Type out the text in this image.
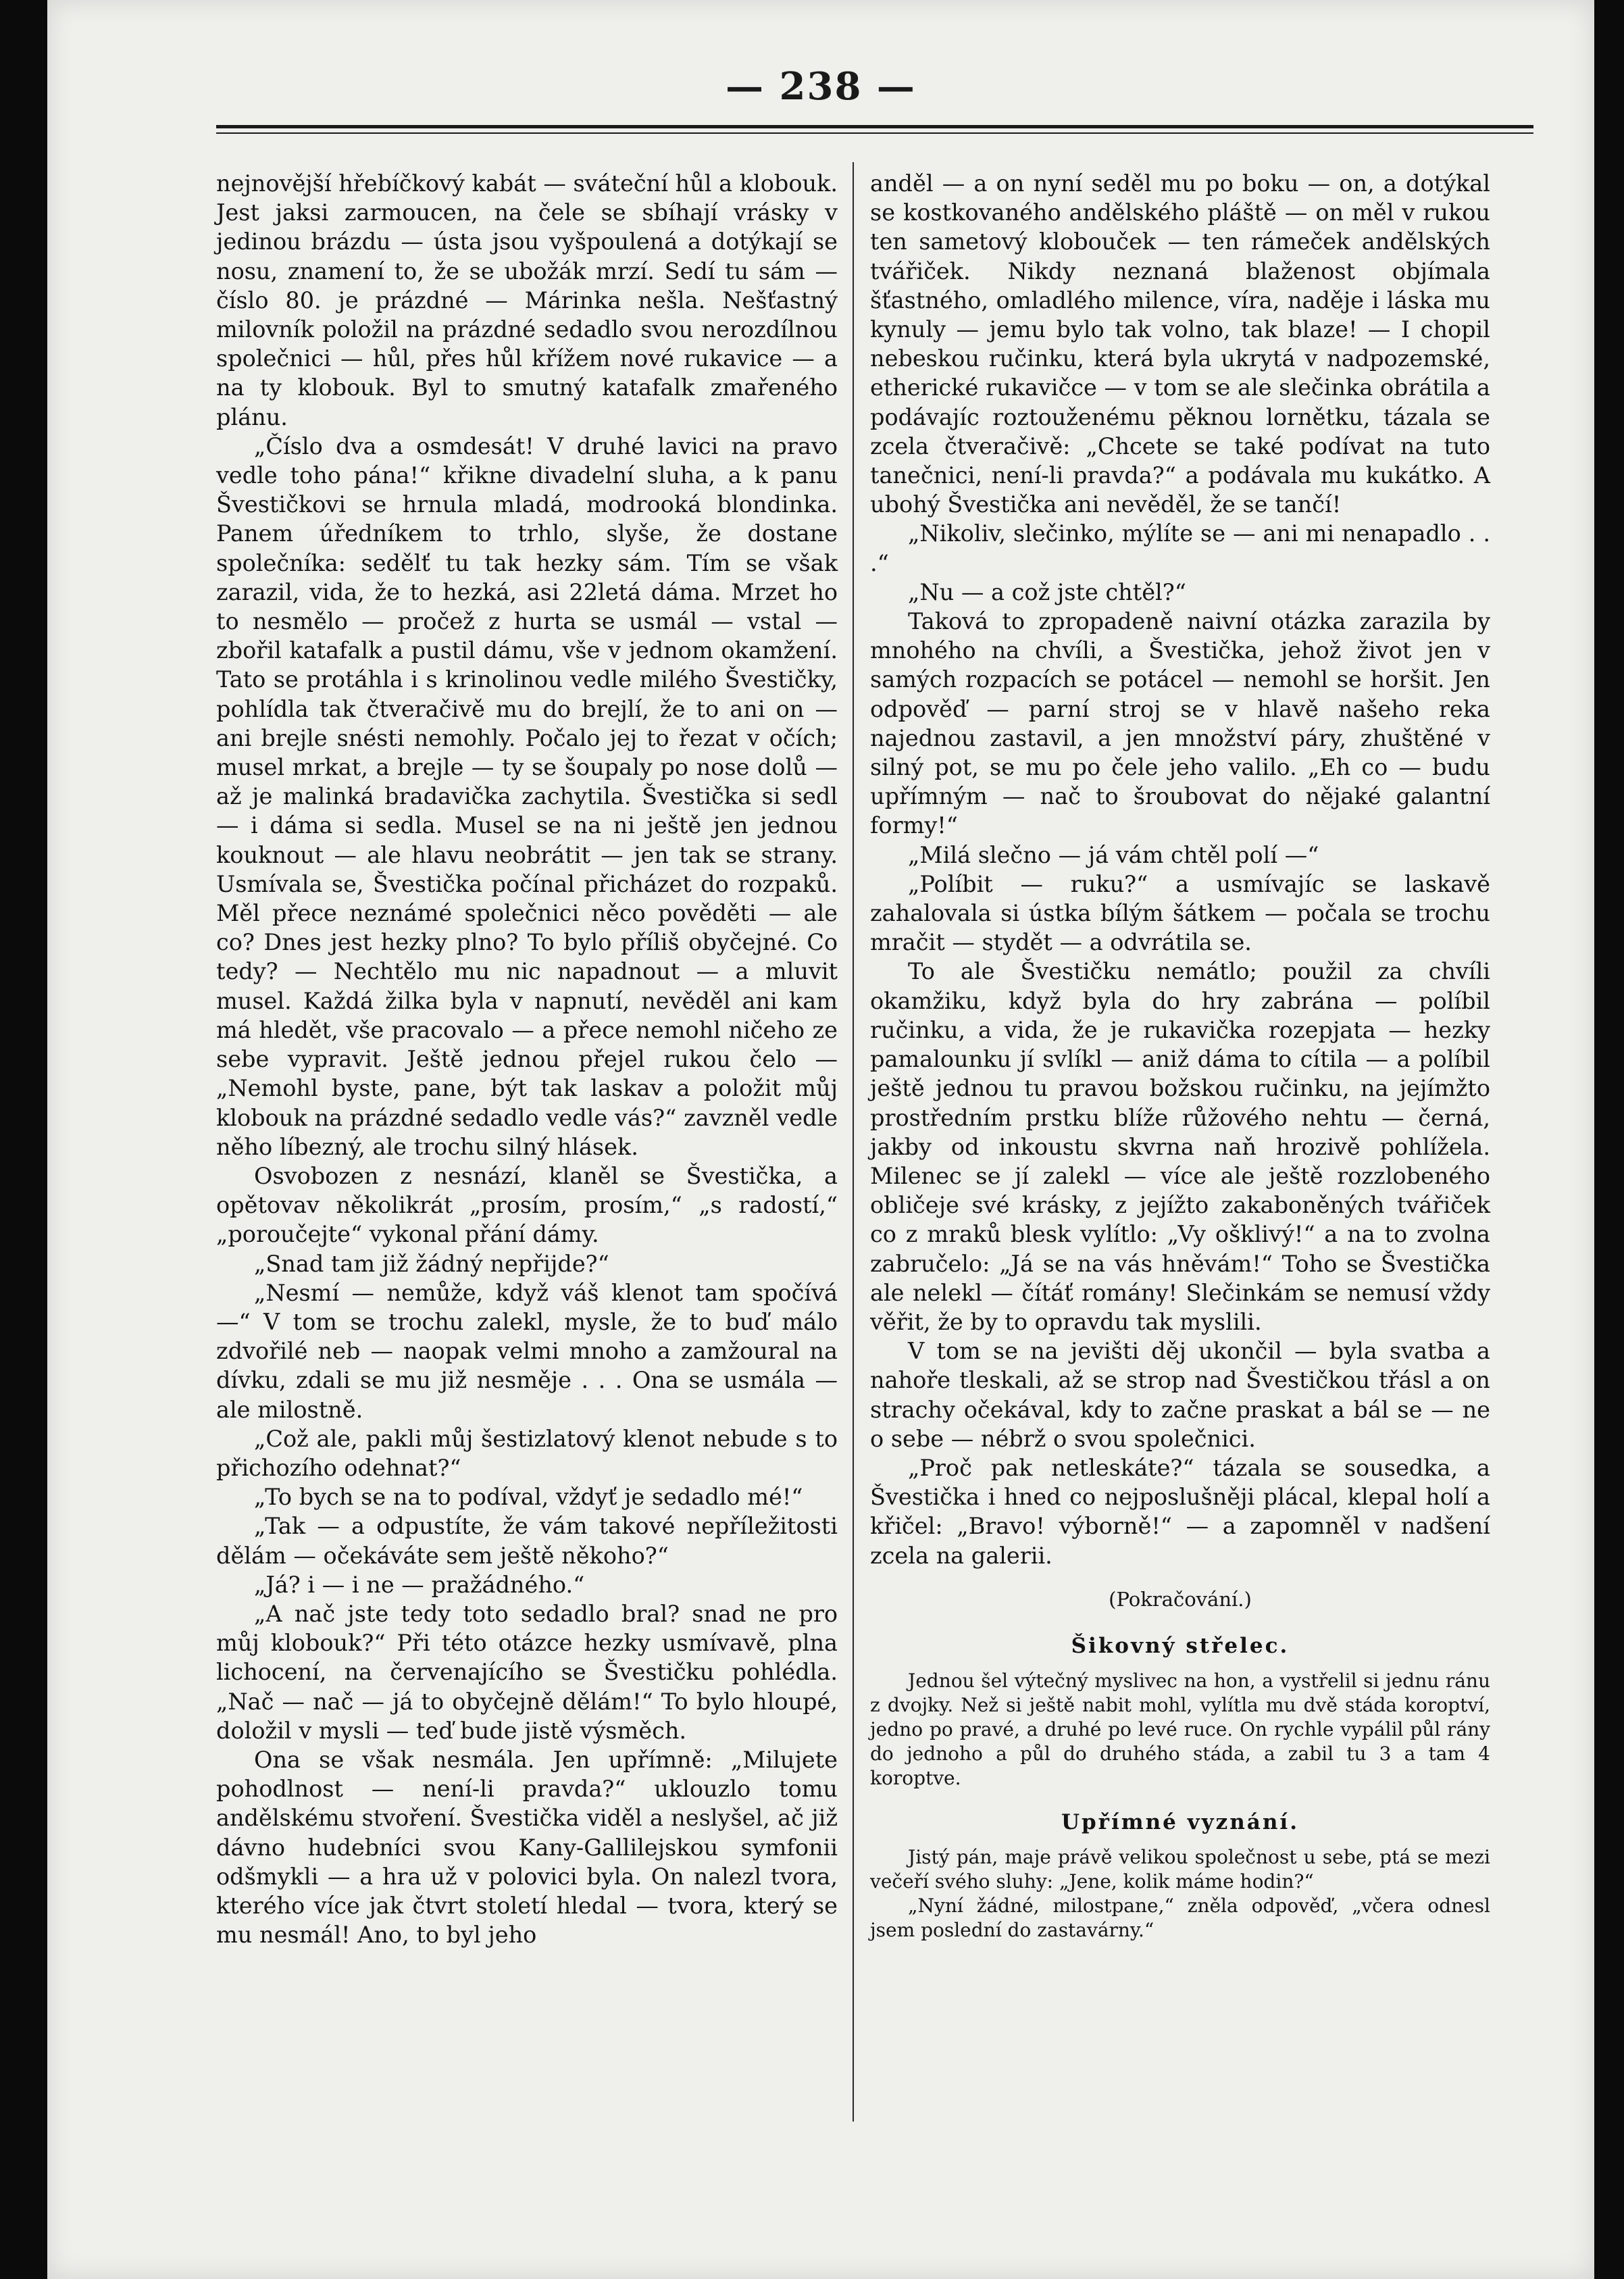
— 238 —

nejnovější hřebíčkový kabát — sváteční hůl a klobouk. Jest jaksi zarmoucen, na čele se sbíhají vrásky v jedinou brázdu — ústa jsou vyšpoulená a dotýkají se nosu, znamení to, že se ubožák mrzí. Sedí tu sám — číslo 80. je prázdné — Márinka nešla. Nešťastný milovník položil na prázdné sedadlo svou nerozdílnou společnici — hůl, přes hůl křížem nové rukavice — a na ty klobouk. Byl to smutný katafalk zmařeného plánu.

„Číslo dva a osmdesát! V druhé lavici na pravo vedle toho pána!“ křikne divadelní sluha, a k panu Švestičkovi se hrnula mladá, modrooká blondinka. Panem úředníkem to trhlo, slyše, že dostane společníka: sedělť tu tak hezky sám. Tím se však zarazil, vida, že to hezká, asi 22letá dáma. Mrzet ho to nesmělo — pročež z hurta se usmál — vstal — zbořil katafalk a pustil dámu, vše v jednom okamžení. Tato se protáhla i s krinolinou vedle milého Švestičky, pohlídla tak čtveračivě mu do brejlí, že to ani on — ani brejle snésti nemohly. Počalo jej to řezat v očích; musel mrkat, a brejle — ty se šoupaly po nose dolů — až je malinká bradavička zachytila. Švestička si sedl — i dáma si sedla. Musel se na ni ještě jen jednou kouknout — ale hlavu neobrátit — jen tak se strany. Usmívala se, Švestička počínal přicházet do rozpaků. Měl přece neznámé společnici něco pověděti — ale co? Dnes jest hezky plno? To bylo příliš obyčejné. Co tedy? — Nechtělo mu nic napadnout — a mluvit musel. Každá žilka byla v napnutí, nevěděl ani kam má hledět, vše pracovalo — a přece nemohl ničeho ze sebe vypravit. Ještě jednou přejel rukou čelo — „Nemohl byste, pane, být tak laskav a položit můj klobouk na prázdné sedadlo vedle vás?“ zavzněl vedle něho líbezný, ale trochu silný hlásek.

Osvobozen z nesnází, klaněl se Švestička, a opětovav několikrát „prosím, prosím,“ „s radostí,“ „poroučejte“ vykonal přání dámy.

„Snad tam již žádný nepřijde?“

„Nesmí — nemůže, když váš klenot tam spočívá —“ V tom se trochu zalekl, mysle, že to buď málo zdvořilé neb — naopak velmi mnoho a zamžoural na dívku, zdali se mu již nesměje . . . Ona se usmála — ale milostně.

„Což ale, pakli můj šestizlatový klenot nebude s to přichozího odehnat?“

„To bych se na to podíval, vždyť je sedadlo mé!“

„Tak — a odpustíte, že vám takové nepříležitosti dělám — očekáváte sem ještě někoho?“

„Já? i — i ne — pražádného.“

„A nač jste tedy toto sedadlo bral? snad ne pro můj klobouk?“ Při této otázce hezky usmívavě, plna lichocení, na červenajícího se Švestičku pohlédla. „Nač — nač — já to obyčejně dělám!“ To bylo hloupé, doložil v mysli — teď bude jistě výsměch.

Ona se však nesmála. Jen upřímně: „Milujete pohodlnost — není-li pravda?“ uklouzlo tomu andělskému stvoření. Švestička viděl a neslyšel, ač již dávno hudebníci svou Kany-Gallilejskou symfonii odšmykli — a hra už v polovici byla. On nalezl tvora, kterého více jak čtvrt století hledal — tvora, který se mu nesmál! Ano, to byl jeho

anděl — a on nyní seděl mu po boku — on, a dotýkal se kostkovaného andělského pláště — on měl v rukou ten sametový klobouček — ten rámeček andělských tvářiček. Nikdy neznaná blaženost objímala šťastného, omladlého milence, víra, naděje i láska mu kynuly — jemu bylo tak volno, tak blaze! — I chopil nebeskou ručinku, která byla ukrytá v nadpozemské, etherické rukavičce — v tom se ale slečinka obrátila a podávajíc roztouženému pěknou lornětku, tázala se zcela čtveračivě: „Chcete se také podívat na tuto tanečnici, není-li pravda?“ a podávala mu kukátko. A ubohý Švestička ani nevěděl, že se tančí!

„Nikoliv, slečinko, mýlíte se — ani mi nenapadlo . . .“

„Nu — a což jste chtěl?“

Taková to zpropadeně naivní otázka zarazila by mnohého na chvíli, a Švestička, jehož život jen v samých rozpacích se potácel — nemohl se horšit. Jen odpověď — parní stroj se v hlavě našeho reka najednou zastavil, a jen množství páry, zhuštěné v silný pot, se mu po čele jeho valilo. „Eh co — budu upřímným — nač to šroubovat do nějaké galantní formy!“

„Milá slečno — já vám chtěl polí —“

„Políbit — ruku?“ a usmívajíc se laskavě zahalovala si ústka bílým šátkem — počala se trochu mračit — stydět — a odvrátila se.

To ale Švestičku nemátlo; použil za chvíli okamžiku, když byla do hry zabrána — políbil ručinku, a vida, že je rukavička rozepjata — hezky pamalounku jí svlíkl — aniž dáma to cítila — a políbil ještě jednou tu pravou božskou ručinku, na jejímžto prostředním prstku blíže růžového nehtu — černá, jakby od inkoustu skvrna naň hrozivě pohlížela. Milenec se jí zalekl — více ale ještě rozzlobeného obličeje své krásky, z jejížto zakaboněných tvářiček co z mraků blesk vylítlo: „Vy ošklivý!“ a na to zvolna zabručelo: „Já se na vás hněvám!“ Toho se Švestička ale nelekl — čítáť romány! Slečinkám se nemusí vždy věřit, že by to opravdu tak myslili.

V tom se na jevišti děj ukončil — byla svatba a nahoře tleskali, až se strop nad Švestičkou třásl a on strachy očekával, kdy to začne praskat a bál se — ne o sebe — nébrž o svou společnici.

„Proč pak netleskáte?“ tázala se sousedka, a Švestička i hned co nejposlušněji plácal, klepal holí a křičel: „Bravo! výborně!“ — a zapomněl v nadšení zcela na galerii.

(Pokračování.)
Šikovný střelec.

Jednou šel výtečný myslivec na hon, a vystřelil si jednu ránu z dvojky. Než si ještě nabit mohl, vylítla mu dvě stáda koroptví, jedno po pravé, a druhé po levé ruce. On rychle vypálil půl rány do jednoho a půl do druhého stáda, a zabil tu 3 a tam 4 koroptve.

Upřímné vyznání.

Jistý pán, maje právě velikou společnost u sebe, ptá se mezi večeří svého sluhy: „Jene, kolik máme hodin?“

„Nyní žádné, milostpane,“ zněla odpověď, „včera odnesl jsem poslední do zastavárny.“
